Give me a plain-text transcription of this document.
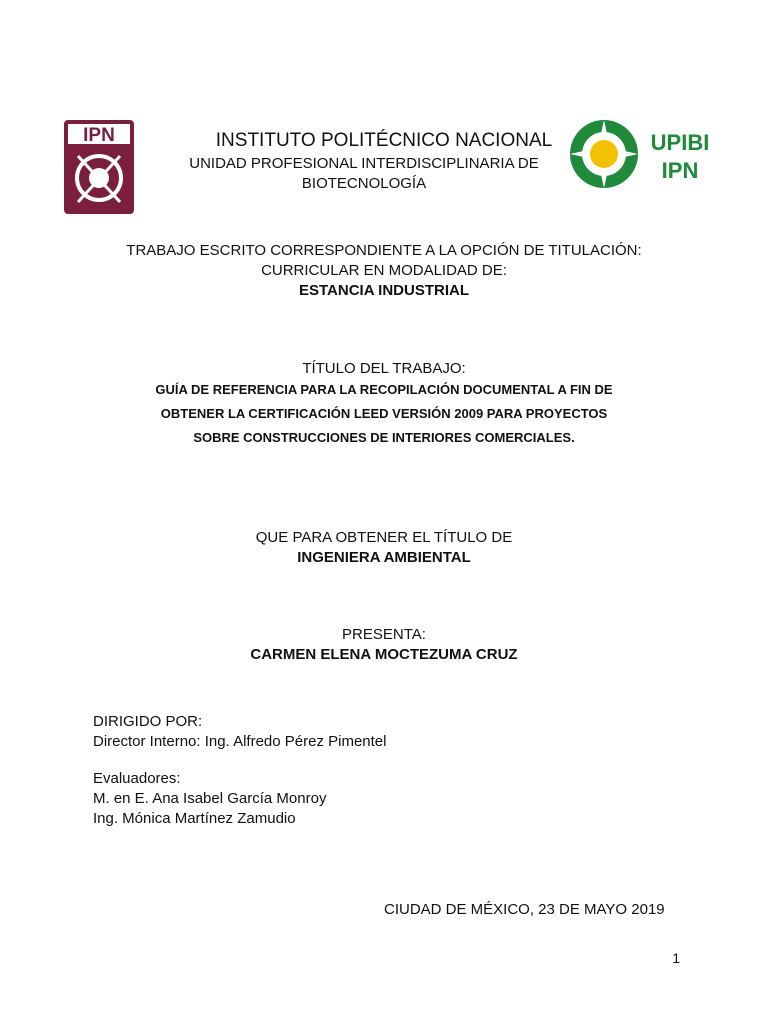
IPN	UPIBI
IPN
INSTITUTO POLITÉCNICO NACIONAL
UNIDAD PROFESIONAL INTERDISCIPLINARIA DE
BIOTECNOLOGÍA
TRABAJO ESCRITO CORRESPONDIENTE A LA OPCIÓN DE TITULACIÓN:
CURRICULAR EN MODALIDAD DE:
ESTANCIA INDUSTRIAL
TÍTULO DEL TRABAJO:
GUÍA DE REFERENCIA PARA LA RECOPILACIÓN DOCUMENTAL A FIN DE
OBTENER LA CERTIFICACIÓN LEED VERSIÓN 2009 PARA PROYECTOS
SOBRE CONSTRUCCIONES DE INTERIORES COMERCIALES.
QUE PARA OBTENER EL TÍTULO DE
INGENIERA AMBIENTAL
PRESENTA:
CARMEN ELENA MOCTEZUMA CRUZ
DIRIGIDO POR:
Director Interno: Ing. Alfredo Pérez Pimentel
Evaluadores:
M. en E. Ana Isabel García Monroy
Ing. Mónica Martínez Zamudio
CIUDAD DE MÉXICO, 23 DE MAYO 2019
1
